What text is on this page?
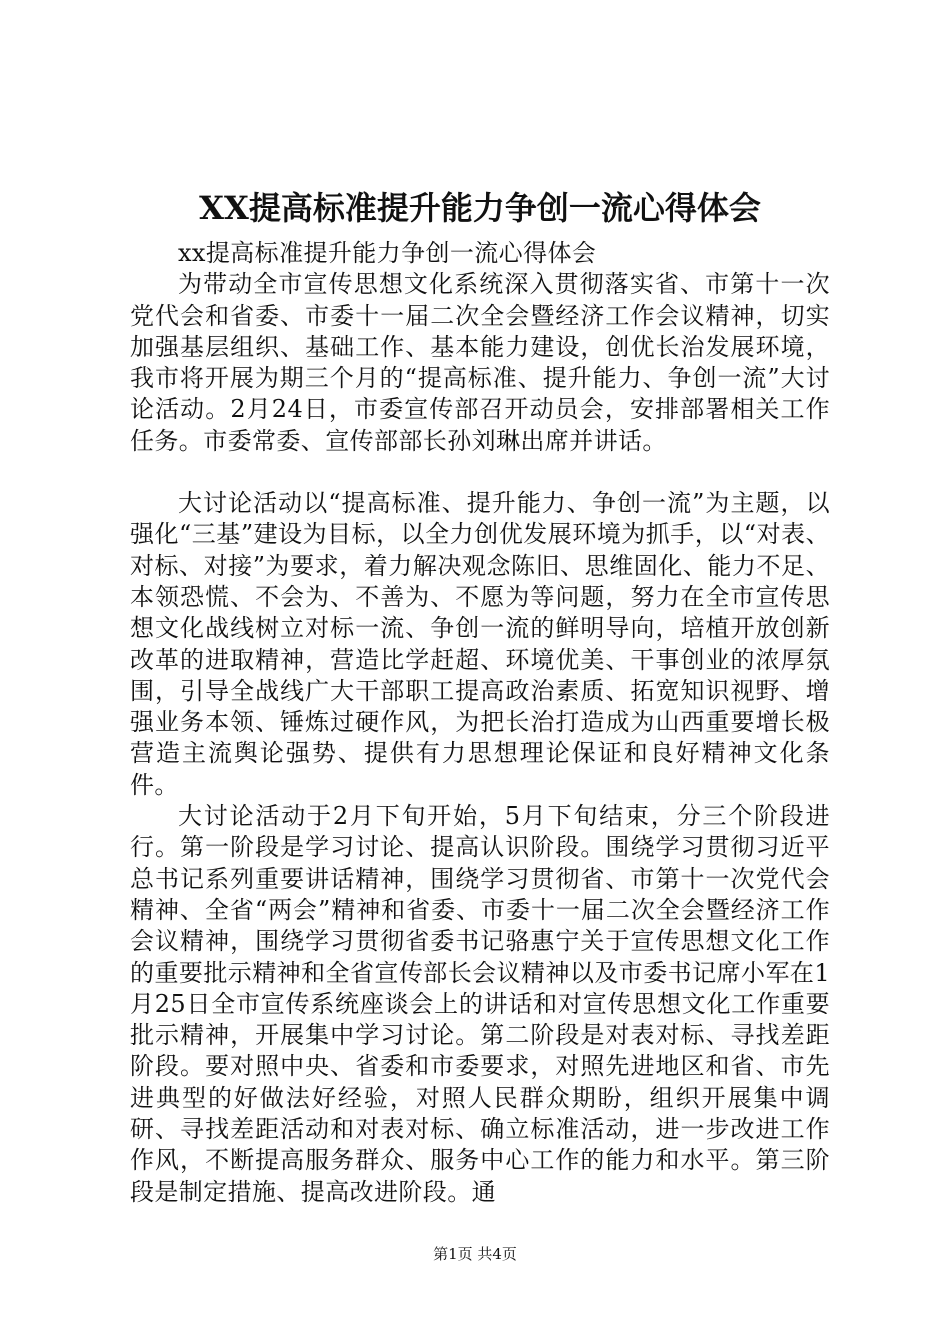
XX提高标准提升能力争创一流心得体会

xx提高标准提升能力争创一流心得体会

为带动全市宣传思想文化系统深入贯彻落实省、市第十一次党代会和省委、市委十一届二次全会暨经济工作会议精神，切实加强基层组织、基础工作、基本能力建设，创优长治发展环境，我市将开展为期三个月的“提高标准、提升能力、争创一流”大讨论活动。2月24日，市委宣传部召开动员会，安排部署相关工作任务。市委常委、宣传部部长孙刘琳出席并讲话。

大讨论活动以“提高标准、提升能力、争创一流”为主题，以强化“三基”建设为目标，以全力创优发展环境为抓手，以“对表、对标、对接”为要求，着力解决观念陈旧、思维固化、能力不足、本领恐慌、不会为、不善为、不愿为等问题，努力在全市宣传思想文化战线树立对标一流、争创一流的鲜明导向，培植开放创新改革的进取精神，营造比学赶超、环境优美、干事创业的浓厚氛围，引导全战线广大干部职工提高政治素质、拓宽知识视野、增强业务本领、锤炼过硬作风，为把长治打造成为山西重要增长极营造主流舆论强势、提供有力思想理论保证和良好精神文化条件。

大讨论活动于2月下旬开始，5月下旬结束，分三个阶段进行。第一阶段是学习讨论、提高认识阶段。围绕学习贯彻习近平总书记系列重要讲话精神，围绕学习贯彻省、市第十一次党代会精神、全省“两会”精神和省委、市委十一届二次全会暨经济工作会议精神，围绕学习贯彻省委书记骆惠宁关于宣传思想文化工作的重要批示精神和全省宣传部长会议精神以及市委书记席小军在1月25日全市宣传系统座谈会上的讲话和对宣传思想文化工作重要批示精神，开展集中学习讨论。第二阶段是对表对标、寻找差距阶段。要对照中央、省委和市委要求，对照先进地区和省、市先进典型的好做法好经验，对照人民群众期盼，组织开展集中调研、寻找差距活动和对表对标、确立标准活动，进一步改进工作作风，不断提高服务群众、服务中心工作的能力和水平。第三阶段是制定措施、提高改进阶段。通

第1页 共4页
